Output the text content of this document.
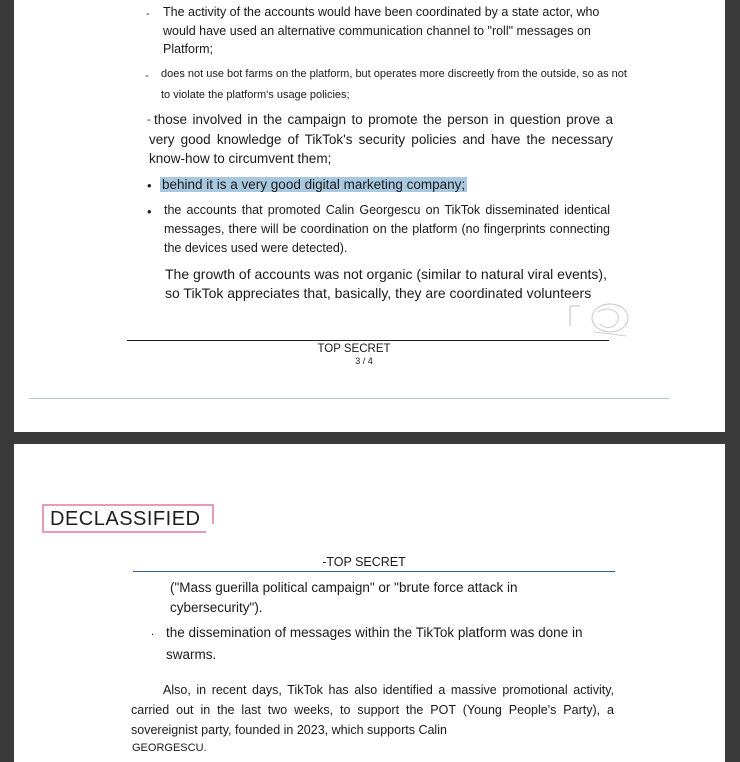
- The activity of the accounts would have been coordinated by a state actor, who would have used an alternative communication channel to "roll" messages on Platform;
- does not use bot farms on the platform, but operates more discreetly from the outside, so as not to violate the platform's usage policies;
- those involved in the campaign to promote the person in question prove a very good knowledge of TikTok's security policies and have the necessary know-how to circumvent them;
• behind it is a very good digital marketing company;
• the accounts that promoted Calin Georgescu on TikTok disseminated identical messages, there will be coordination on the platform (no fingerprints connecting the devices used were detected).
The growth of accounts was not organic (similar to natural viral events), so TikTok appreciates that, basically, they are coordinated volunteers
TOP SECRET
3 / 4
DECLASSIFIED
-TOP SECRET
("Mass guerilla political campaign" or "brute force attack in cybersecurity").
. the dissemination of messages within the TikTok platform was done in swarms.
Also, in recent days, TikTok has also identified a massive promotional activity, carried out in the last two weeks, to support the POT (Young People's Party), a sovereignist party, founded in 2023, which supports Calin
GEORGESCU.
